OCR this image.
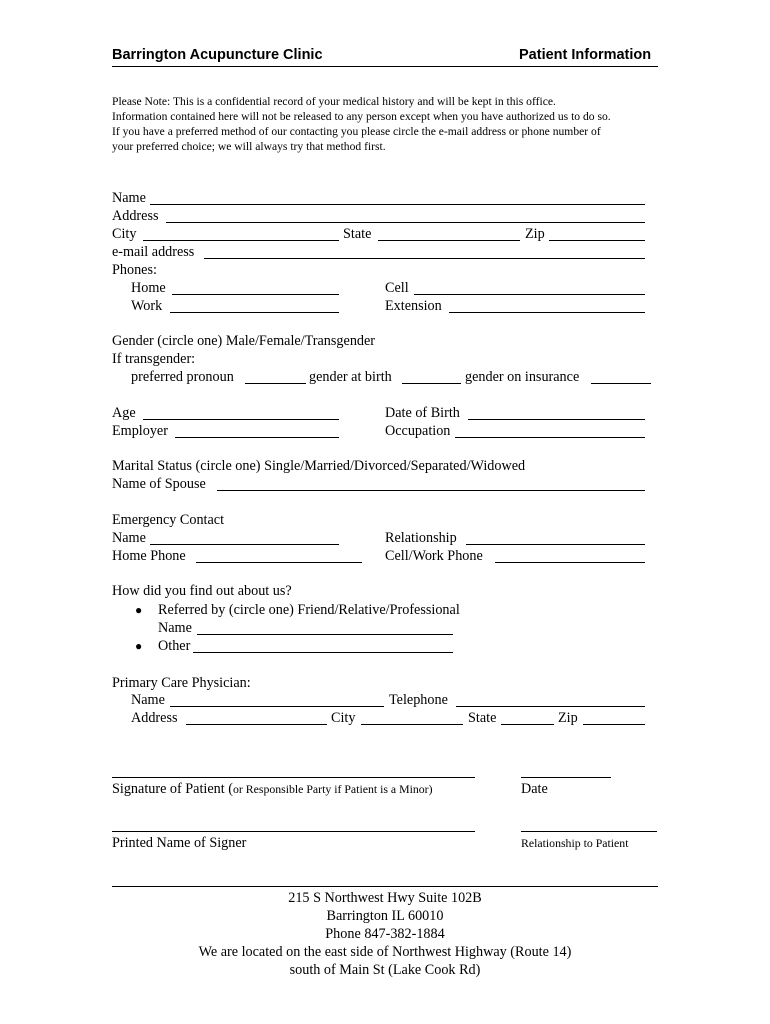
Barrington Acupuncture Clinic	Patient Information
Please Note: This is a confidential record of your medical history and will be kept in this office.
Information contained here will not be released to any person except when you have authorized us to do so.
If you have a preferred method of our contacting you please circle the e-mail address or phone number of
your preferred choice; we will always try that method first.
Name
Address
City	State	Zip
e-mail address
Phones:
Home	Cell
Work	Extension
Gender (circle one) Male/Female/Transgender
If transgender:
preferred pronoun	gender at birth	gender on insurance
Age	Date of Birth
Employer	Occupation
Marital Status (circle one) Single/Married/Divorced/Separated/Widowed
Name of Spouse
Emergency Contact
Name	Relationship
Home Phone	Cell/Work Phone
How did you find out about us?
● Referred by (circle one) Friend/Relative/Professional
Name
● Other
Primary Care Physician:
Name	Telephone
Address	City	State	Zip
Signature of Patient (or Responsible Party if Patient is a Minor)	Date
Printed Name of Signer	Relationship to Patient
215 S Northwest Hwy Suite 102B
Barrington IL 60010
Phone 847-382-1884
We are located on the east side of Northwest Highway (Route 14)
south of Main St (Lake Cook Rd)
